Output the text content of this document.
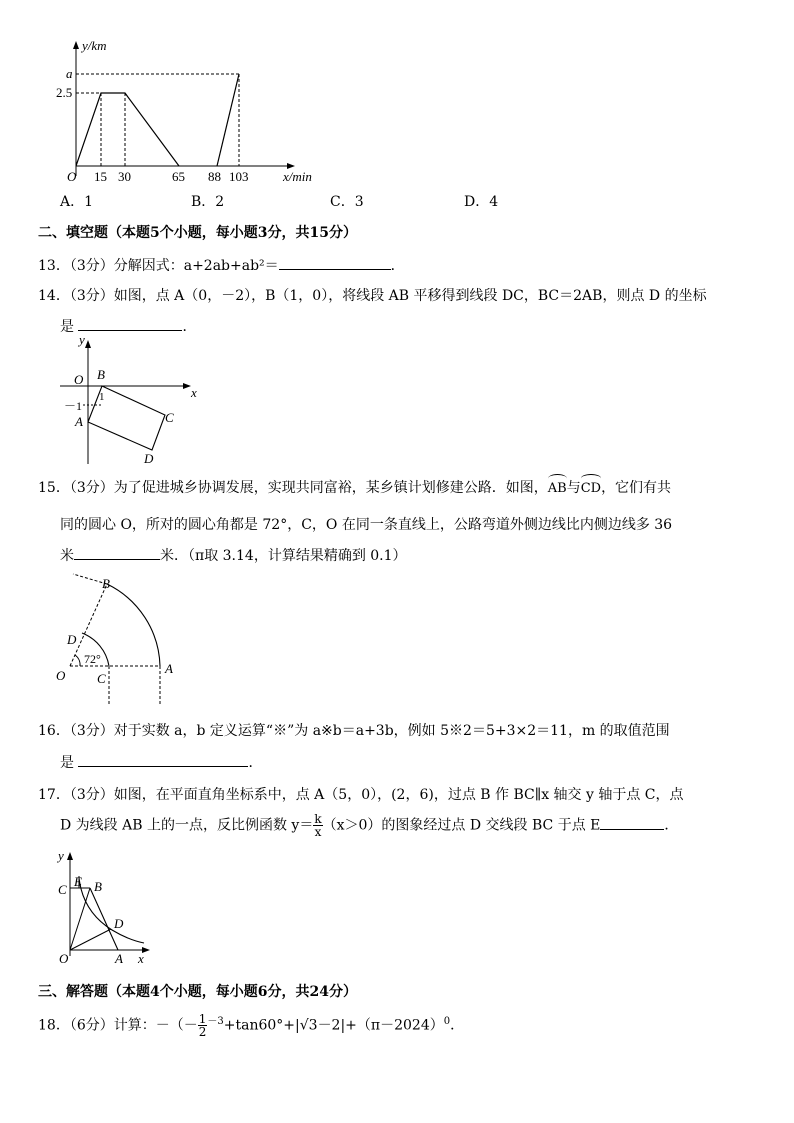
y/km
a
2.5
O 15 30	65 88 103	x/min
A．1	B．2	C．3	D．4
二、填空题（本题5个小题，每小题3分，共15分）
13．（3分）分解因式：a+2ab+ab²＝	．
14．（3分）如图，点 A（0，－2），B（1，0），将线段 AB 平移得到线段 DC，BC＝2AB，则点 D 的坐标
是	．
y
x
O B
－1
1
A	C
D
15．（3分）为了促进城乡协调发展，实现共同富裕，某乡镇计划修建公路．如图，
AB与
CD，它们有共
同的圆心 O，所对的圆心角都是 72°，C，O 在同一条直线上，公路弯道外侧边线比内侧边线多 36
米	米．（π取 3.14，计算结果精确到 0.1）
B
D
72°
O C
A
16．（3分）对于实数 a，b 定义运算“※”为 a※b＝a+3b，例如 5※2＝5+3×2＝11，m 的取值范围
是	．
17．（3分）如图，在平面直角坐标系中，点 A（5，0），(2，6)，过点 B 作 BC∥x 轴交 y 轴于点 C，点
D 为线段 AB 上的一点，反比例函数 $y= \frac{k}{x} (x>0)$的图象经过点 D 交线段 BC 于点 E	．
y
C
E B
D
O	A x
三、解答题（本题4个小题，每小题6分，共24分）
18．（6分）计算：－（－ $\frac{1}{2} ^{-3}+\tan 60^\circ+|√3-2|+(\pi-2024)^0$．
